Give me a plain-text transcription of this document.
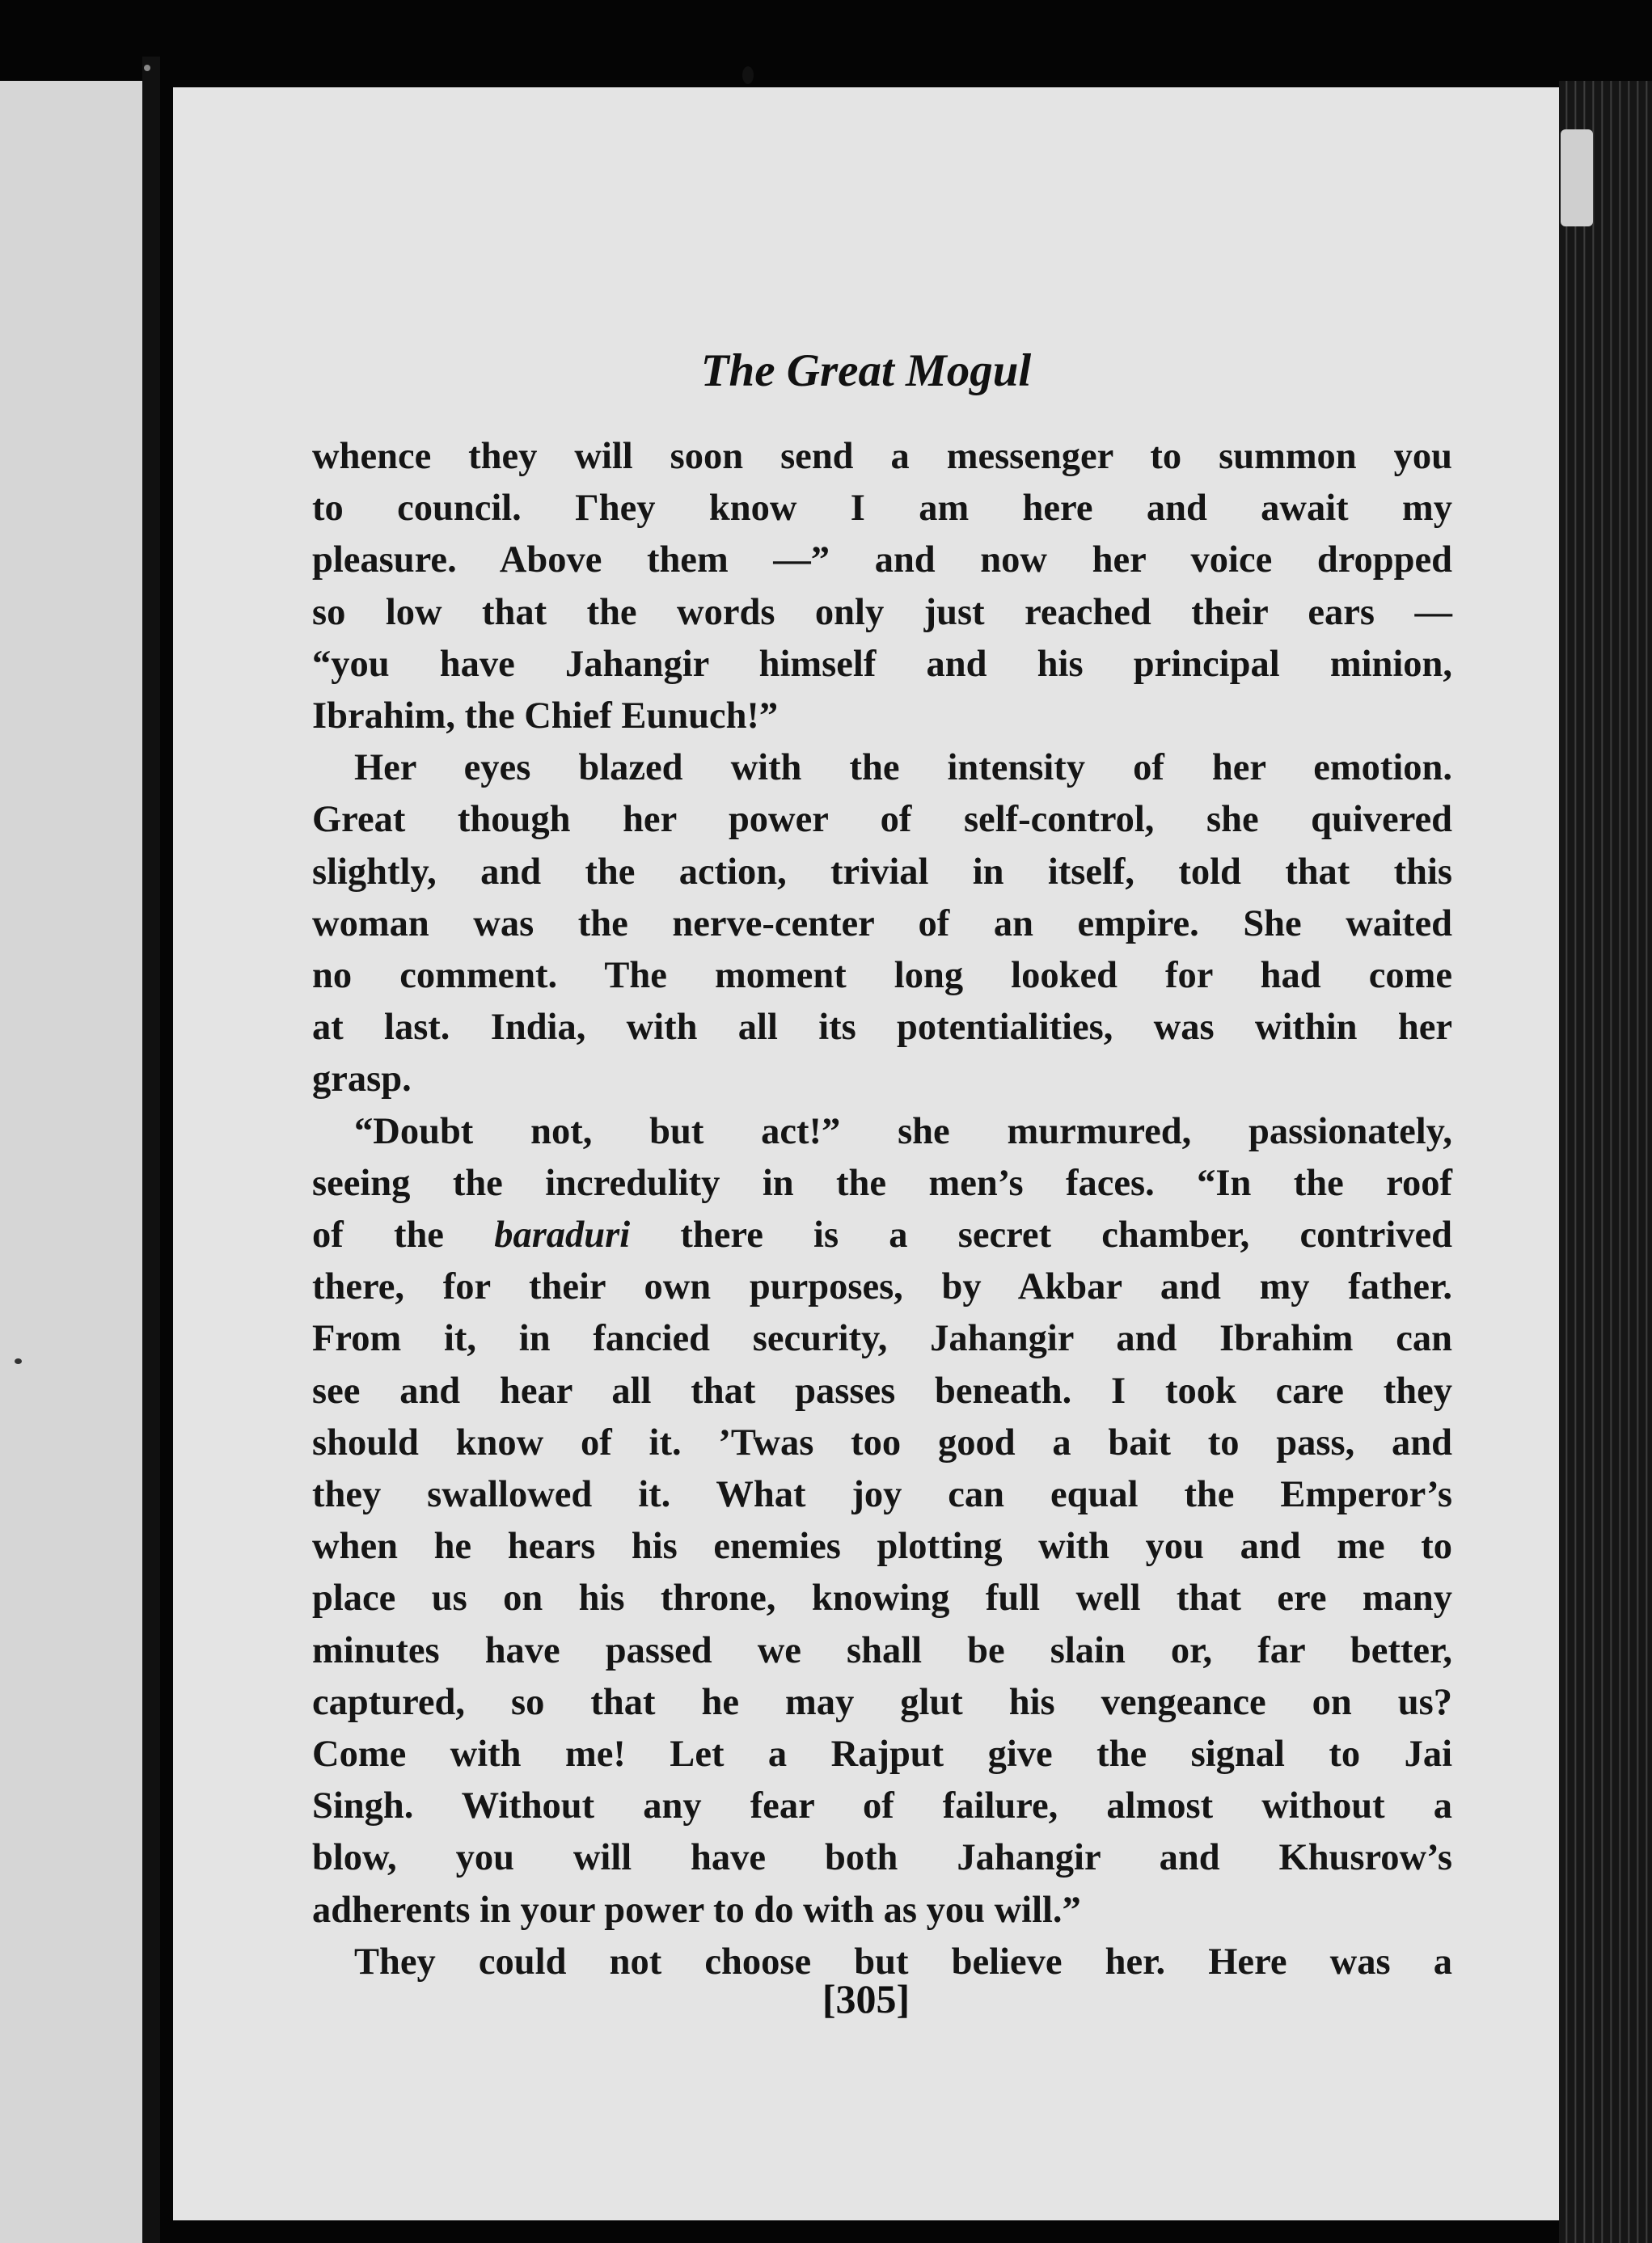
The Great Mogul

whence they will soon send a messenger to summon you

to council. Γhey know I am here and await my

pleasure. Above them —” and now her voice dropped

so low that the words only just reached their ears —

“you have Jahangir himself and his principal minion,

Ibrahim, the Chief Eunuch!”

Her eyes blazed with the intensity of her emotion.

Great though her power of self-control, she quivered

slightly, and the action, trivial in itself, told that this

woman was the nerve-center of an empire. She waited

no comment. The moment long looked for had come

at last. India, with all its potentialities, was within her

grasp.

“Doubt not, but act!” she murmured, passionately,

seeing the incredulity in the men’s faces. “In the roof

of the baraduri there is a secret chamber, contrived

there, for their own purposes, by Akbar and my father.

From it, in fancied security, Jahangir and Ibrahim can

see and hear all that passes beneath. I took care they

should know of it. ’Twas too good a bait to pass, and

they swallowed it. What joy can equal the Emperor’s

when he hears his enemies plotting with you and me to

place us on his throne, knowing full well that ere many

minutes have passed we shall be slain or, far better,

captured, so that he may glut his vengeance on us?

Come with me! Let a Rajput give the signal to Jai

Singh. Without any fear of failure, almost without a

blow, you will have both Jahangir and Khusrow’s

adherents in your power to do with as you will.”

They could not choose but believe her. Here was a

[305]
